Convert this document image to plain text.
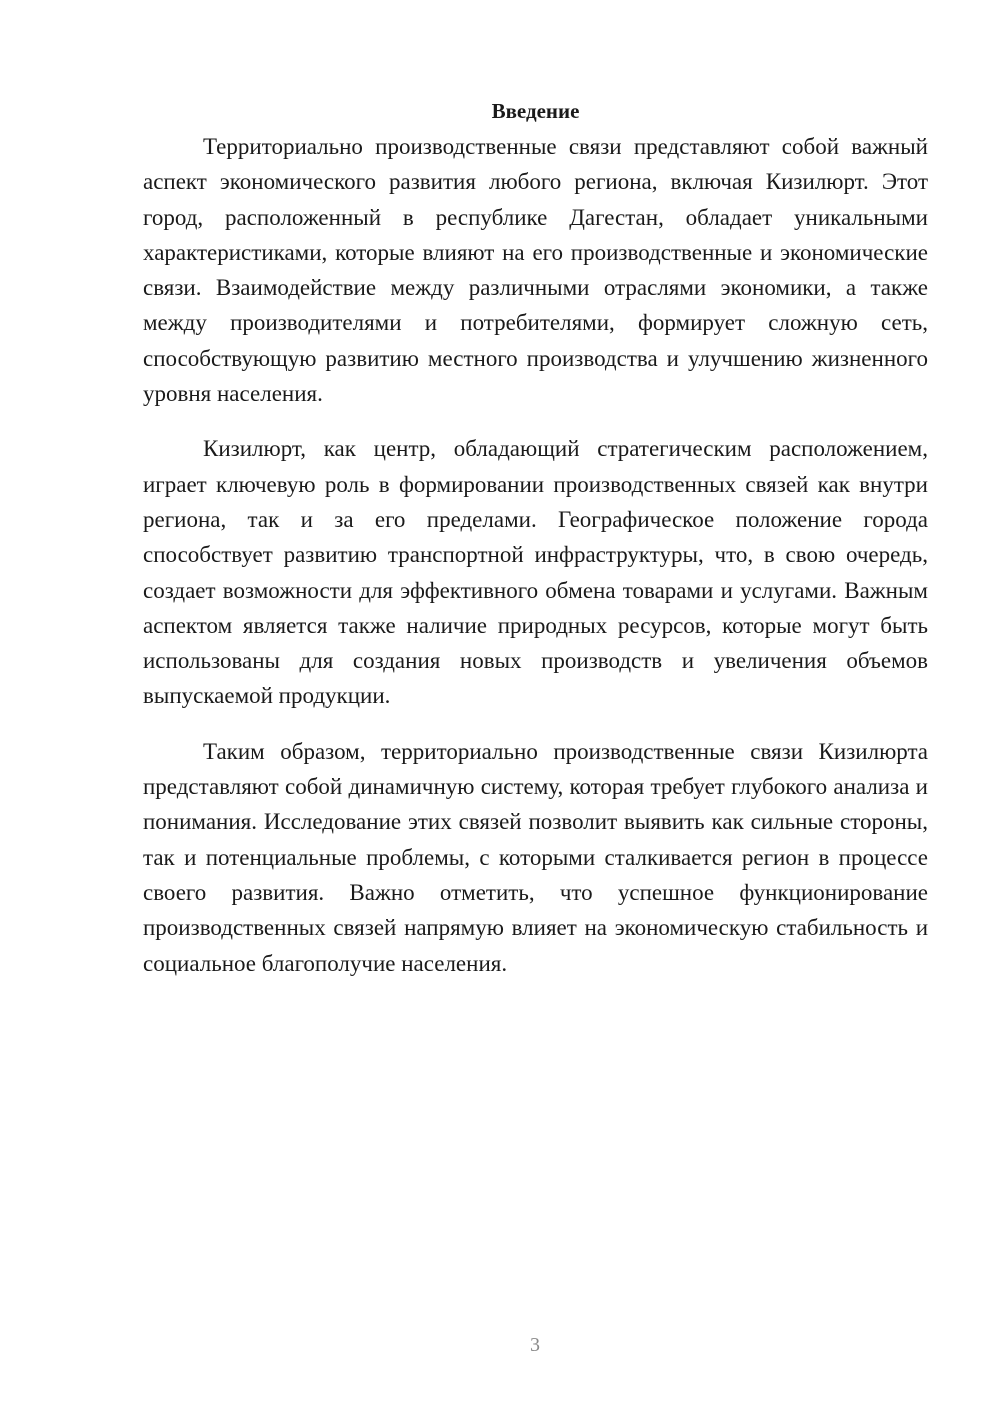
Введение

Территориально производственные связи представляют собой важный аспект экономического развития любого региона, включая Кизилюрт. Этот город, расположенный в республике Дагестан, обладает уникальными характеристиками, которые влияют на его производственные и экономические связи. Взаимодействие между различными отраслями экономики, а также между производителями и потребителями, формирует сложную сеть, способствующую развитию местного производства и улучшению жизненного уровня населения.

Кизилюрт, как центр, обладающий стратегическим расположением, играет ключевую роль в формировании производственных связей как внутри региона, так и за его пределами. Географическое положение города способствует развитию транспортной инфраструктуры, что, в свою очередь, создает возможности для эффективного обмена товарами и услугами. Важным аспектом является также наличие природных ресурсов, которые могут быть использованы для создания новых производств и увеличения объемов выпускаемой продукции.

Таким образом, территориально производственные связи Кизилюрта представляют собой динамичную систему, которая требует глубокого анализа и понимания. Исследование этих связей позволит выявить как сильные стороны, так и потенциальные проблемы, с которыми сталкивается регион в процессе своего развития. Важно отметить, что успешное функционирование производственных связей напрямую влияет на экономическую стабильность и социальное благополучие населения.

3
